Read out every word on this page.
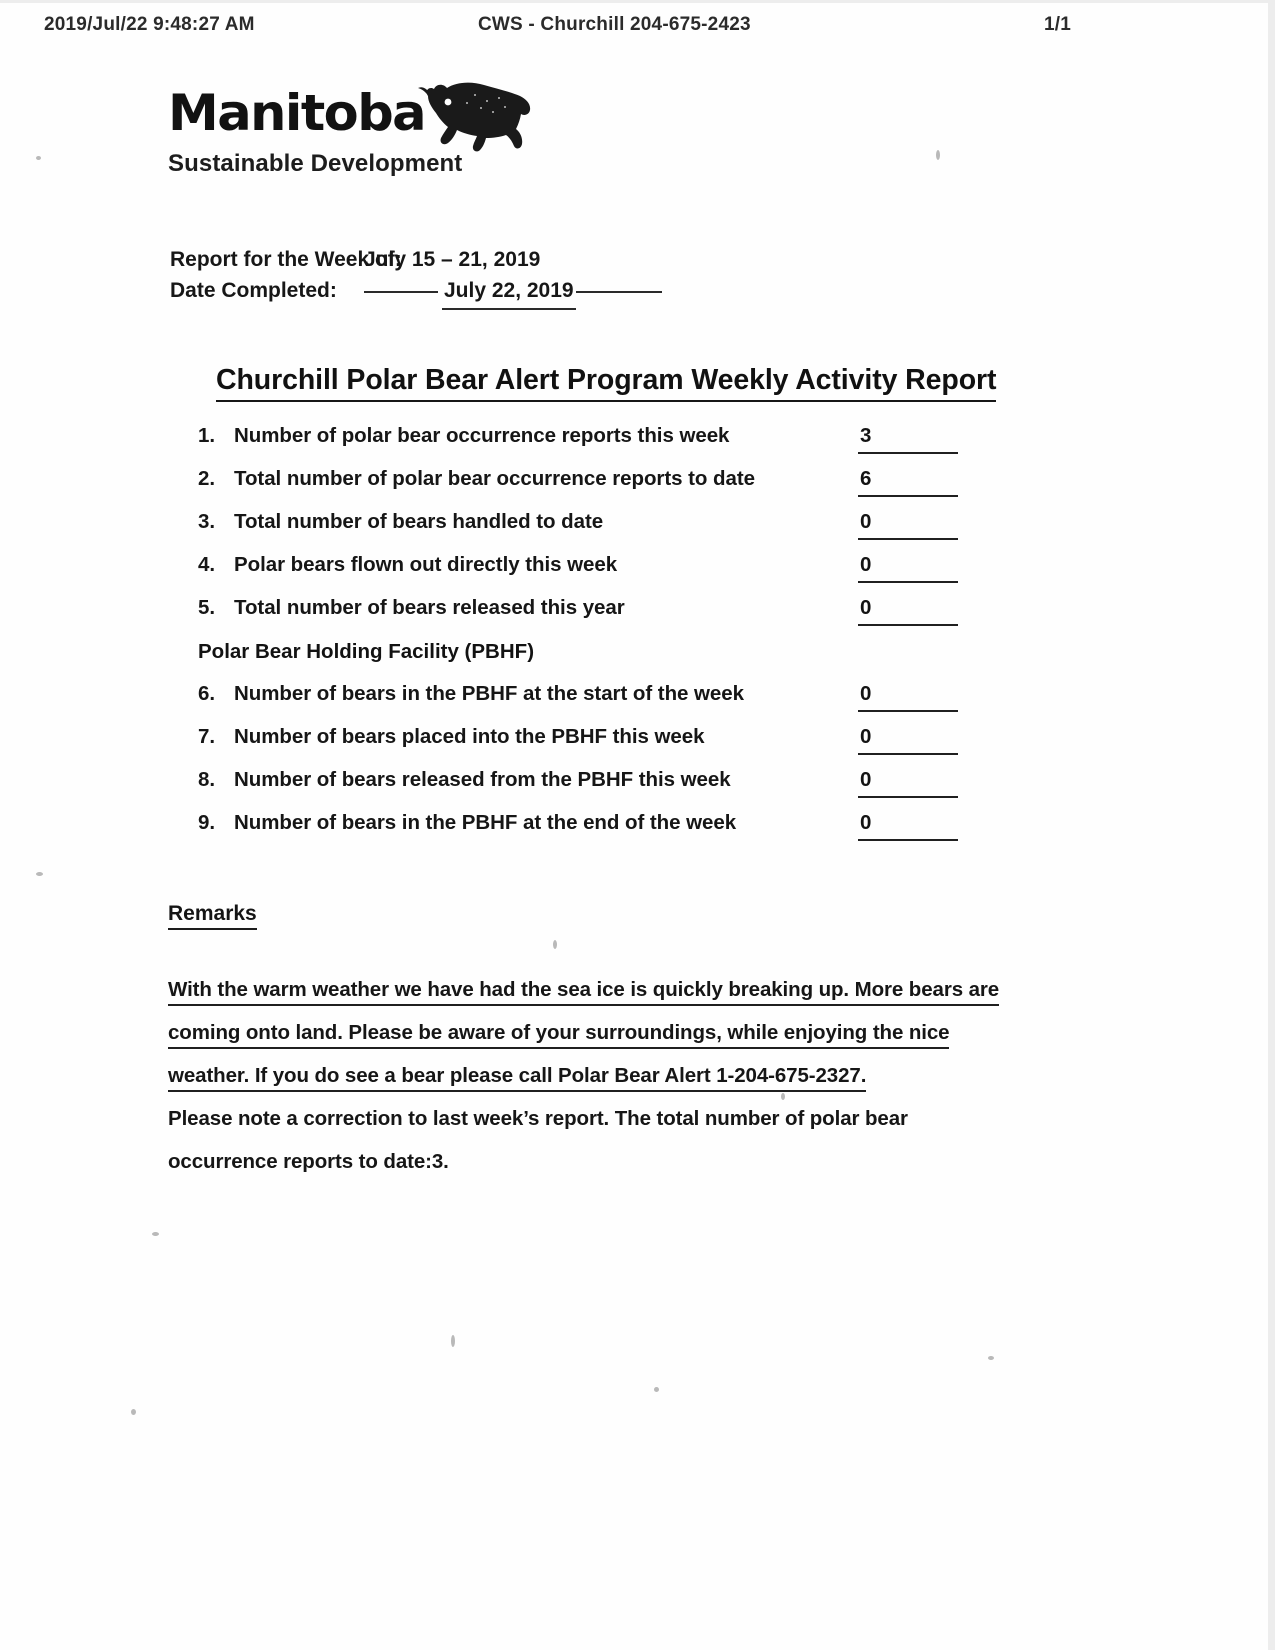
2019/Jul/22 9:48:27 AM	CWS - Churchill 204-675-2423	1/1
Manitoba
Sustainable Development
Report for the Week of:
July 15 – 21, 2019
Date Completed:	July 22, 2019
Churchill Polar Bear Alert Program Weekly Activity Report
1. Number of polar bear occurrence reports this week	3
2. Total number of polar bear occurrence reports to date	6
3. Total number of bears handled to date	0
4. Polar bears flown out directly this week	0
5. Total number of bears released this year	0
Polar Bear Holding Facility (PBHF)
6. Number of bears in the PBHF at the start of the week	0
7. Number of bears placed into the PBHF this week	0
8. Number of bears released from the PBHF this week	0
9. Number of bears in the PBHF at the end of the week	0
Remarks
With the warm weather we have had the sea ice is quickly breaking up. More bears are
coming onto land. Please be aware of your surroundings, while enjoying the nice
weather. If you do see a bear please call Polar Bear Alert 1-204-675-2327.
Please note a correction to last week’s report. The total number of polar bear
occurrence reports to date:3.
